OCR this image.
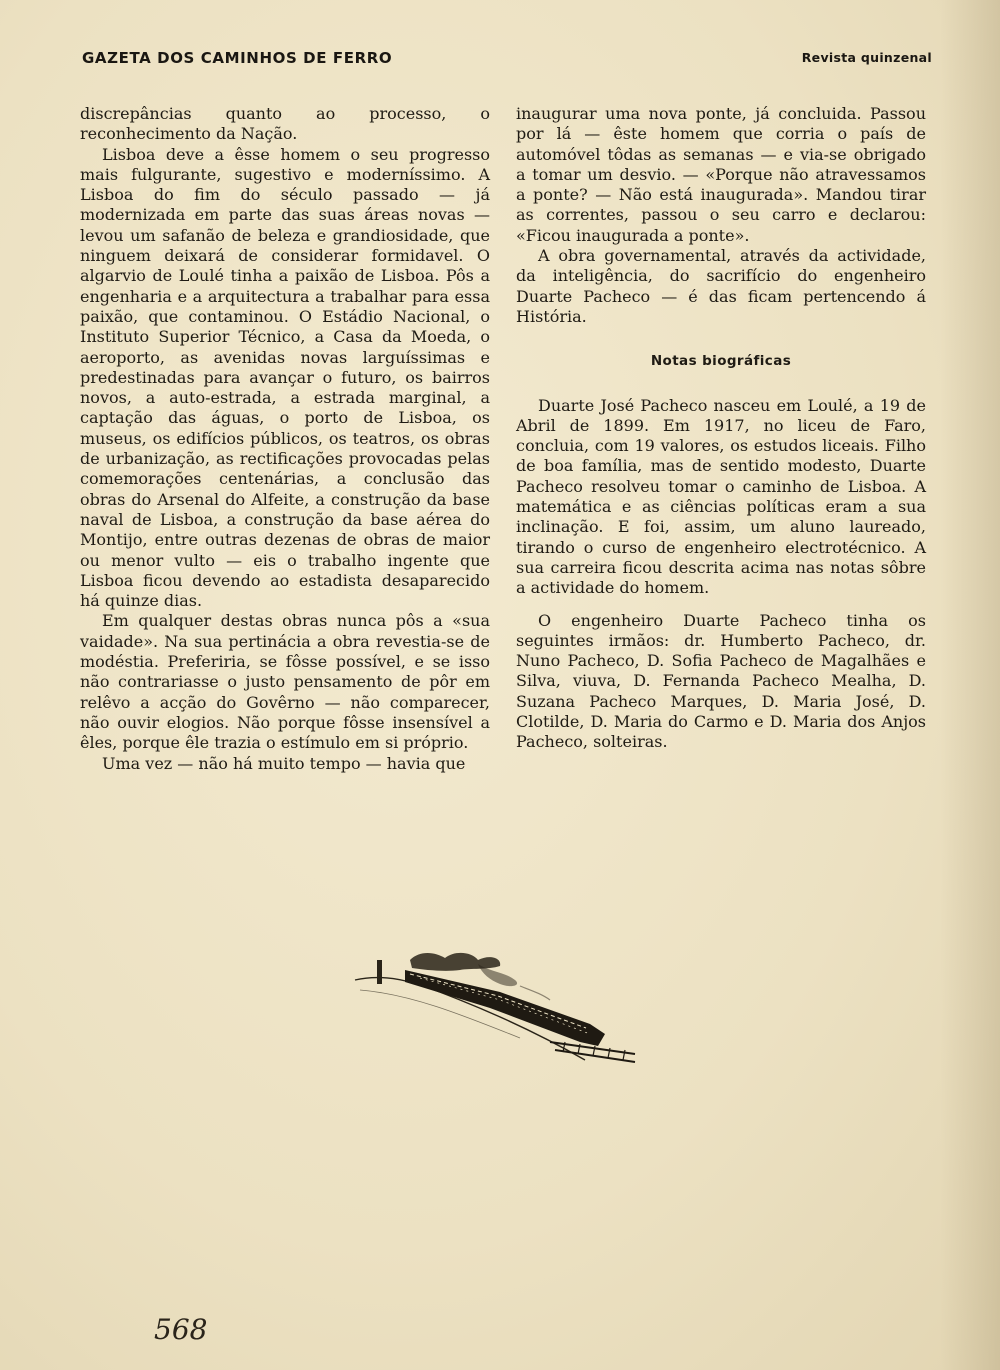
GAZETA DOS CAMINHOS DE FERRO	Revista quinzenal

discrepâncias quanto ao processo, o reconhecimento da Nação.

Lisboa deve a êsse homem o seu progresso mais fulgurante, sugestivo e moderníssimo. A Lisboa do fim do século passado — já modernizada em parte das suas áreas novas — levou um safanão de beleza e grandiosidade, que ninguem deixará de considerar formidavel. O algarvio de Loulé tinha a paixão de Lisboa. Pôs a engenharia e a arquitectura a trabalhar para essa paixão, que contaminou. O Estádio Nacional, o Instituto Superior Técnico, a Casa da Moeda, o aeroporto, as avenidas novas larguíssimas e predestinadas para avançar o futuro, os bairros novos, a auto-estrada, a estrada marginal, a captação das águas, o porto de Lisboa, os museus, os edifícios públicos, os teatros, os obras de urbanização, as rectificações provocadas pelas comemorações centenárias, a conclusão das obras do Arsenal do Alfeite, a construção da base naval de Lisboa, a construção da base aérea do Montijo, entre outras dezenas de obras de maior ou menor vulto — eis o trabalho ingente que Lisboa ficou devendo ao estadista desaparecido há quinze dias.

Em qualquer destas obras nunca pôs a «sua vaidade». Na sua pertinácia a obra revestia-se de modéstia. Preferiria, se fôsse possível, e se isso não contrariasse o justo pensamento de pôr em relêvo a acção do Govêrno — não comparecer, não ouvir elogios. Não porque fôsse insensível a êles, porque êle trazia o estímulo em si próprio.

Uma vez — não há muito tempo — havia que

inaugurar uma nova ponte, já concluida. Passou por lá — êste homem que corria o país de automóvel tôdas as semanas — e via-se obrigado a tomar um desvio. — «Porque não atravessamos a ponte? — Não está inaugurada». Mandou tirar as correntes, passou o seu carro e declarou: «Ficou inaugurada a ponte».

A obra governamental, através da actividade, da inteligência, do sacrifício do engenheiro Duarte Pacheco — é das ficam pertencendo á História.

Notas biográficas

Duarte José Pacheco nasceu em Loulé, a 19 de Abril de 1899. Em 1917, no liceu de Faro, concluia, com 19 valores, os estudos liceais. Filho de boa família, mas de sentido modesto, Duarte Pacheco resolveu tomar o caminho de Lisboa. A matemática e as ciências políticas eram a sua inclinação. E foi, assim, um aluno laureado, tirando o curso de engenheiro electrotécnico. A sua carreira ficou descrita acima nas notas sôbre a actividade do homem.

O engenheiro Duarte Pacheco tinha os seguintes irmãos: dr. Humberto Pacheco, dr. Nuno Pacheco, D. Sofia Pacheco de Magalhães e Silva, viuva, D. Fernanda Pacheco Mealha, D. Suzana Pacheco Marques, D. Maria José, D. Clotilde, D. Maria do Carmo e D. Maria dos Anjos Pacheco, solteiras.

568
